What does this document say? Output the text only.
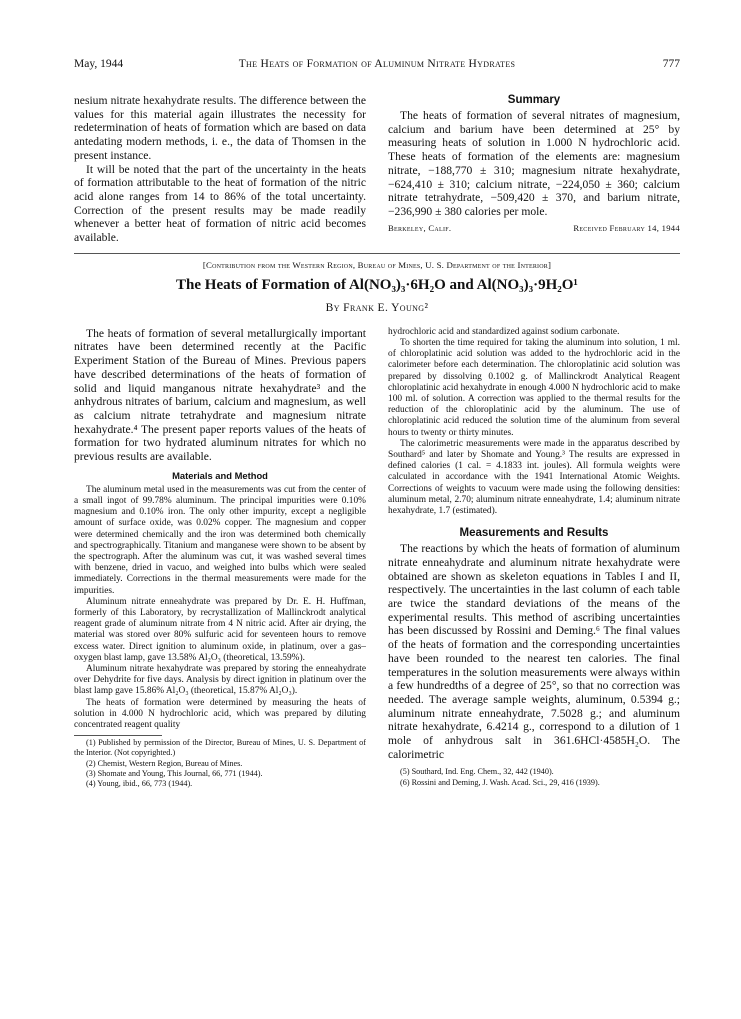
May, 1944	The Heats of Formation of Aluminum Nitrate Hydrates	777

nesium nitrate hexahydrate results. The difference between the values for this material again illustrates the necessity for redetermination of heats of formation which are based on data antedating modern methods, i. e., the data of Thomsen in the present instance.

It will be noted that the part of the uncertainty in the heats of formation attributable to the heat of formation of the nitric acid alone ranges from 14 to 86% of the total uncertainty. Correction of the present results may be made readily whenever a better heat of formation of nitric acid becomes available.

Summary

The heats of formation of several nitrates of magnesium, calcium and barium have been determined at 25° by measuring heats of solution in 1.000 N hydrochloric acid. These heats of formation of the elements are: magnesium nitrate, −188,770 ± 310; magnesium nitrate hexahydrate, −624,410 ± 310; calcium nitrate, −224,050 ± 360; calcium nitrate tetrahydrate, −509,420 ± 370, and barium nitrate, −236,990 ± 380 calories per mole.

Berkeley, Calif.	Received February 14, 1944
[Contribution from the Western Region, Bureau of Mines, U. S. Department of the Interior]
The Heats of Formation of Al(NO₃)₃·6H₂O and Al(NO₃)₃·9H₂O¹
By Frank E. Young²

The heats of formation of several metallurgically important nitrates have been determined recently at the Pacific Experiment Station of the Bureau of Mines. Previous papers have described determinations of the heats of formation of solid and liquid manganous nitrate hexahydrate³ and the anhydrous nitrates of barium, calcium and magnesium, as well as calcium nitrate tetrahydrate and magnesium nitrate hexahydrate.⁴ The present paper reports values of the heats of formation for two hydrated aluminum nitrates for which no previous results are available.

Materials and Method

The aluminum metal used in the measurements was cut from the center of a small ingot of 99.78% aluminum. The principal impurities were 0.10% magnesium and 0.10% iron. The only other impurity, except a negligible amount of surface oxide, was 0.02% copper. The magnesium and copper were determined chemically and the iron was determined both chemically and spectrographically. Titanium and manganese were shown to be absent by the spectrograph. After the aluminum was cut, it was washed several times with benzene, dried in vacuo, and weighed into bulbs which were sealed immediately. Corrections in the thermal measurements were made for the impurities.

Aluminum nitrate enneahydrate was prepared by Dr. E. H. Huffman, formerly of this Laboratory, by recrystallization of Mallinckrodt analytical reagent grade of aluminum nitrate from 4 N nitric acid. After air drying, the material was stored over 80% sulfuric acid for seventeen hours to remove excess water. Direct ignition to aluminum oxide, in platinum, over a gas–oxygen blast lamp, gave 13.58% Al₂O₃ (theoretical, 13.59%).

Aluminum nitrate hexahydrate was prepared by storing the enneahydrate over Dehydrite for five days. Analysis by direct ignition in platinum over the blast lamp gave 15.86% Al₂O₃ (theoretical, 15.87% Al₂O₃).

The heats of formation were determined by measuring the heats of solution in 4.000 N hydrochloric acid, which was prepared by diluting concentrated reagent quality

(1) Published by permission of the Director, Bureau of Mines, U. S. Department of the Interior. (Not copyrighted.)

(2) Chemist, Western Region, Bureau of Mines.

(3) Shomate and Young, This Journal, 66, 771 (1944).

(4) Young, ibid., 66, 773 (1944).

hydrochloric acid and standardized against sodium carbonate.

To shorten the time required for taking the aluminum into solution, 1 ml. of chloroplatinic acid solution was added to the hydrochloric acid in the calorimeter before each determination. The chloroplatinic acid solution was prepared by dissolving 0.1002 g. of Mallinckrodt Analytical Reagent chloroplatinic acid hexahydrate in enough 4.000 N hydrochloric acid to make 100 ml. of solution. A correction was applied to the thermal results for the reduction of the chloroplatinic acid by the aluminum. The use of chloroplatinic acid reduced the solution time of the aluminum from several hours to twenty or thirty minutes.

The calorimetric measurements were made in the apparatus described by Southard⁵ and later by Shomate and Young.³ The results are expressed in defined calories (1 cal. = 4.1833 int. joules). All formula weights were calculated in accordance with the 1941 International Atomic Weights. Corrections of weights to vacuum were made using the following densities: aluminum metal, 2.70; aluminum nitrate enneahydrate, 1.4; aluminum nitrate hexahydrate, 1.7 (estimated).

Measurements and Results

The reactions by which the heats of formation of aluminum nitrate enneahydrate and aluminum nitrate hexahydrate were obtained are shown as skeleton equations in Tables I and II, respectively. The uncertainties in the last column of each table are twice the standard deviations of the means of the experimental results. This method of ascribing uncertainties has been discussed by Rossini and Deming.⁶ The final values of the heats of formation and the corresponding uncertainties have been rounded to the nearest ten calories. The final temperatures in the solution measurements were always within a few hundredths of a degree of 25°, so that no correction was needed. The average sample weights, aluminum, 0.5394 g.; aluminum nitrate enneahydrate, 7.5028 g.; and aluminum nitrate hexahydrate, 6.4214 g., correspond to a dilution of 1 mole of anhydrous salt in 361.6HCl·4585H₂O. The calorimetric

(5) Southard, Ind. Eng. Chem., 32, 442 (1940).

(6) Rossini and Deming, J. Wash. Acad. Sci., 29, 416 (1939).
